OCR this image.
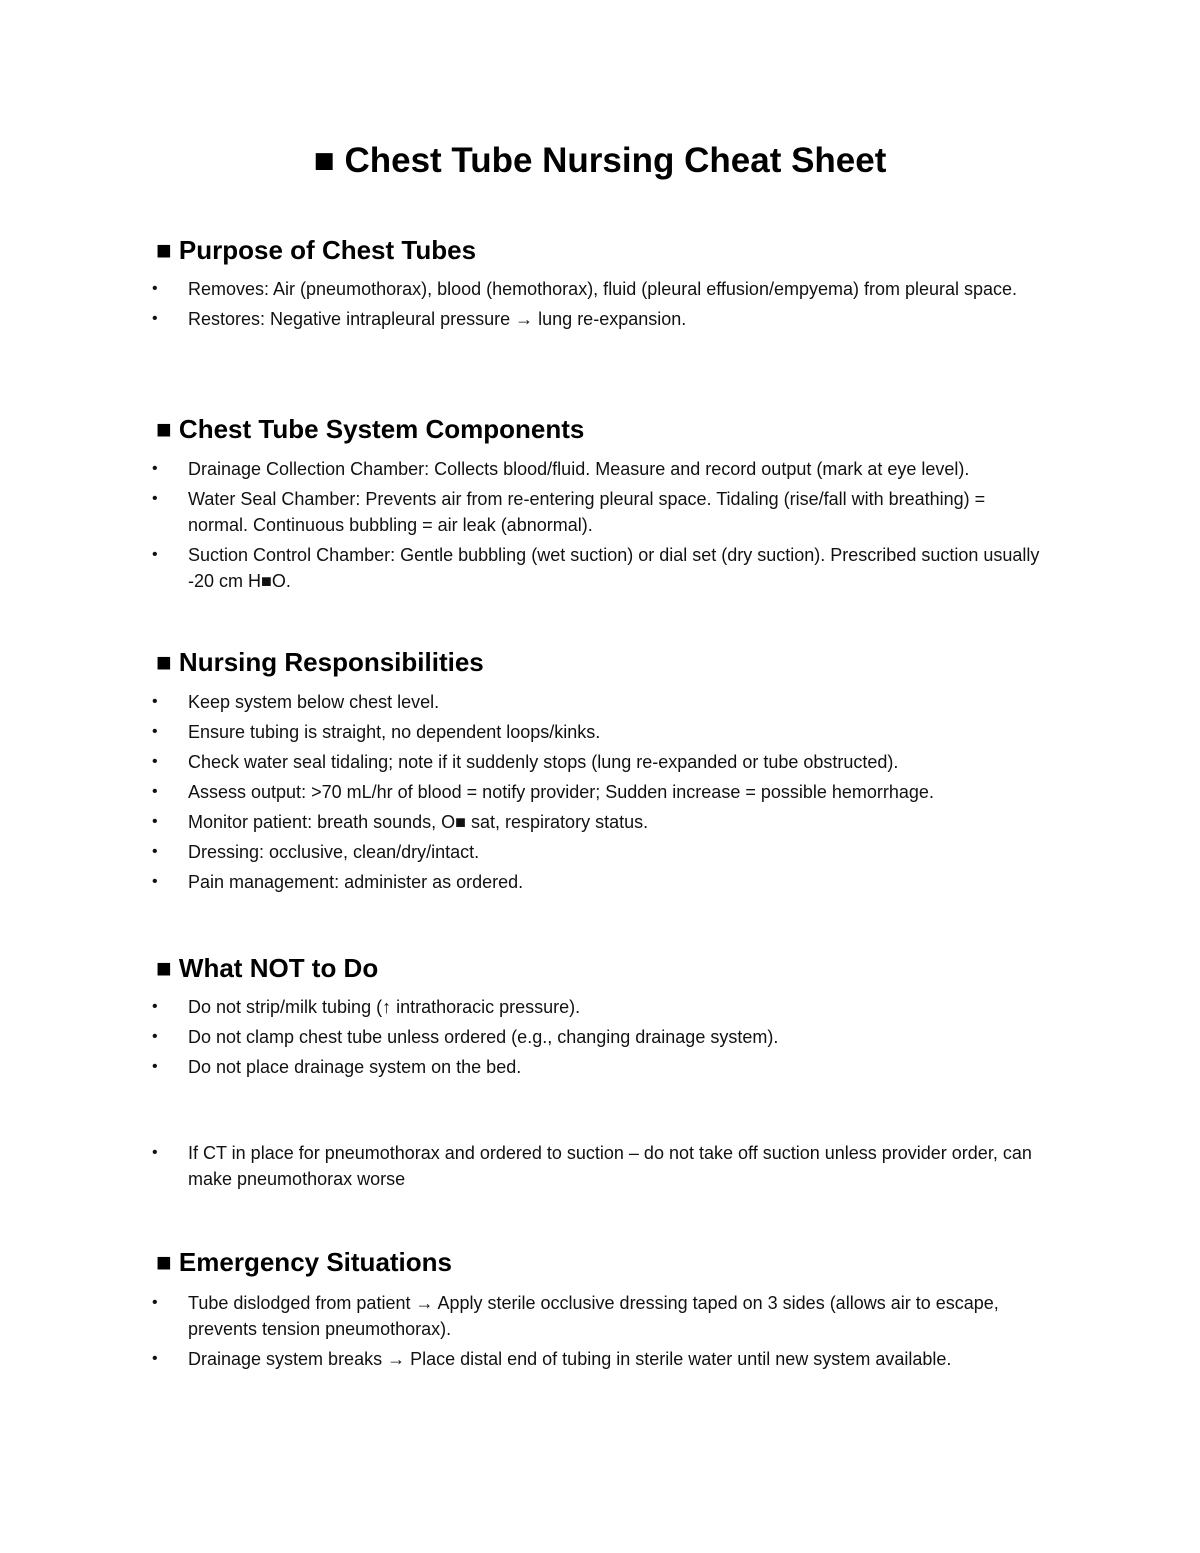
■ Chest Tube Nursing Cheat Sheet
■ Purpose of Chest Tubes
• Removes: Air (pneumothorax), blood (hemothorax), fluid (pleural effusion/empyema) from pleural space.
• Restores: Negative intrapleural pressure → lung re-expansion.
■ Chest Tube System Components
• Drainage Collection Chamber: Collects blood/fluid. Measure and record output (mark at eye level).
• Water Seal Chamber: Prevents air from re-entering pleural space. Tidaling (rise/fall with breathing) = normal. Continuous bubbling = air leak (abnormal).
• Suction Control Chamber: Gentle bubbling (wet suction) or dial set (dry suction). Prescribed suction usually -20 cm H■O.
■ Nursing Responsibilities
• Keep system below chest level.
• Ensure tubing is straight, no dependent loops/kinks.
• Check water seal tidaling; note if it suddenly stops (lung re-expanded or tube obstructed).
• Assess output: >70 mL/hr of blood = notify provider; Sudden increase = possible hemorrhage.
• Monitor patient: breath sounds, O■ sat, respiratory status.
• Dressing: occlusive, clean/dry/intact.
• Pain management: administer as ordered.
■ What NOT to Do
• Do not strip/milk tubing (↑ intrathoracic pressure).
• Do not clamp chest tube unless ordered (e.g., changing drainage system).
• Do not place drainage system on the bed.
• If CT in place for pneumothorax and ordered to suction – do not take off suction unless provider order, can make pneumothorax worse
■ Emergency Situations
• Tube dislodged from patient → Apply sterile occlusive dressing taped on 3 sides (allows air to escape, prevents tension pneumothorax).
• Drainage system breaks → Place distal end of tubing in sterile water until new system available.
